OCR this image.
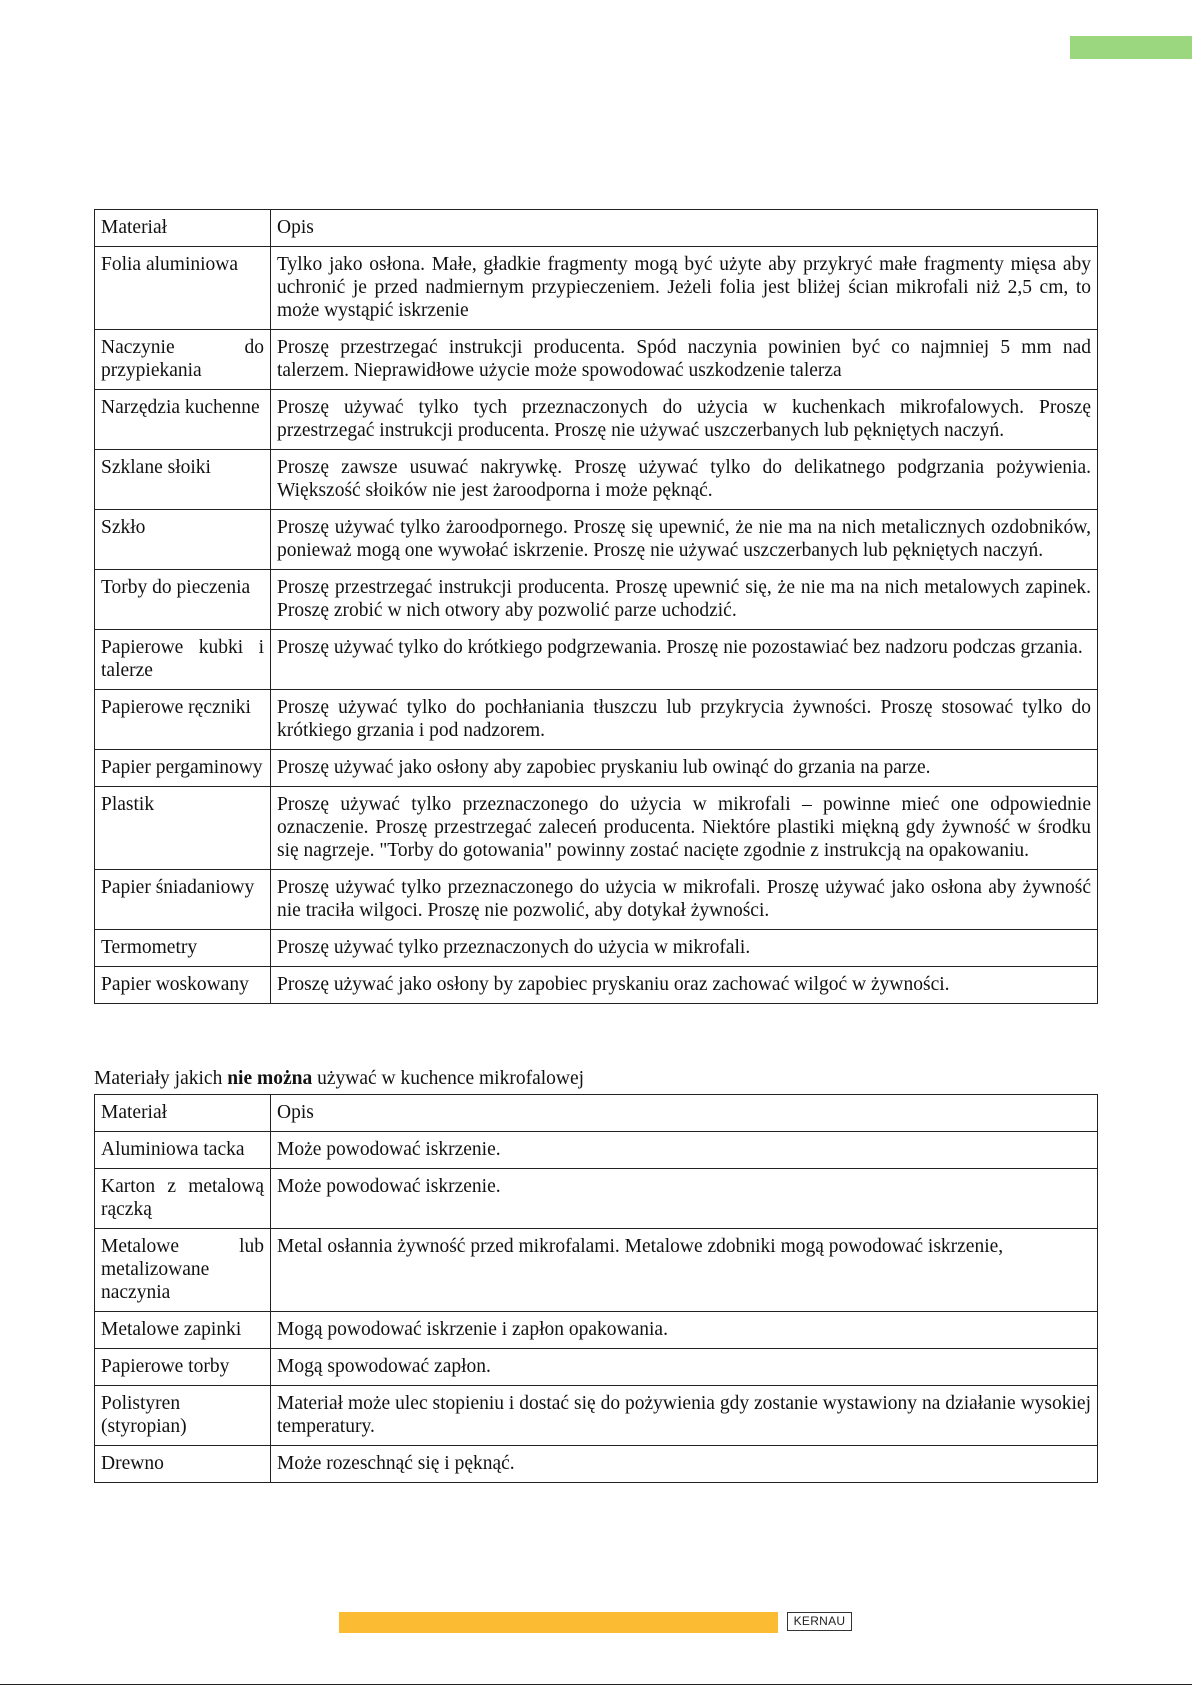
Materiał	Opis
Folia aluminiowa	Tylko jako osłona. Małe, gładkie fragmenty mogą być użyte aby przykryć małe fragmenty mięsa aby uchronić je przed nadmiernym przypieczeniem. Jeżeli folia jest bliżej ścian mikrofali niż 2,5 cm, to może wystąpić iskrzenie
Naczynie do przypiekania	Proszę przestrzegać instrukcji producenta. Spód naczynia powinien być co najmniej 5 mm nad talerzem. Nieprawidłowe użycie może spowodować uszkodzenie talerza
Narzędzia kuchenne	Proszę używać tylko tych przeznaczonych do użycia w kuchenkach mikrofalowych. Proszę przestrzegać instrukcji producenta. Proszę nie używać uszczerbanych lub pękniętych naczyń.
Szklane słoiki	Proszę zawsze usuwać nakrywkę. Proszę używać tylko do delikatnego podgrzania pożywienia. Większość słoików nie jest żaroodporna i może pęknąć.
Szkło	Proszę używać tylko żaroodpornego. Proszę się upewnić, że nie ma na nich metalicznych ozdobników, ponieważ mogą one wywołać iskrzenie. Proszę nie używać uszczerbanych lub pękniętych naczyń.
Torby do pieczenia	Proszę przestrzegać instrukcji producenta. Proszę upewnić się, że nie ma na nich metalowych zapinek. Proszę zrobić w nich otwory aby pozwolić parze uchodzić.
Papierowe kubki i talerze	Proszę używać tylko do krótkiego podgrzewania. Proszę nie pozostawiać bez nadzoru podczas grzania.
Papierowe ręczniki	Proszę używać tylko do pochłaniania tłuszczu lub przykrycia żywności. Proszę stosować tylko do krótkiego grzania i pod nadzorem.
Papier pergaminowy	Proszę używać jako osłony aby zapobiec pryskaniu lub owinąć do grzania na parze.
Plastik	Proszę używać tylko przeznaczonego do użycia w mikrofali – powinne mieć one odpowiednie oznaczenie. Proszę przestrzegać zaleceń producenta. Niektóre plastiki miękną gdy żywność w środku się nagrzeje. "Torby do gotowania" powinny zostać nacięte zgodnie z instrukcją na opakowaniu.
Papier śniadaniowy	Proszę używać tylko przeznaczonego do użycia w mikrofali. Proszę używać jako osłona aby żywność nie traciła wilgoci. Proszę nie pozwolić, aby dotykał żywności.
Termometry	Proszę używać tylko przeznaczonych do użycia w mikrofali.
Papier woskowany	Proszę używać jako osłony by zapobiec pryskaniu oraz zachować wilgoć w żywności.

Materiały jakich nie można używać w kuchence mikrofalowej

Materiał	Opis
Aluminiowa tacka	Może powodować iskrzenie.
Karton z metalową rączką	Może powodować iskrzenie.
Metalowe lub metalizowane naczynia	Metal osłannia żywność przed mikrofalami. Metalowe zdobniki mogą powodować iskrzenie,
Metalowe zapinki	Mogą powodować iskrzenie i zapłon opakowania.
Papierowe torby	Mogą spowodować zapłon.
Polistyren (styropian)	Materiał może ulec stopieniu i dostać się do pożywienia gdy zostanie wystawiony na działanie wysokiej temperatury.
Drewno	Może rozeschnąć się i pęknąć.
KERNAU
